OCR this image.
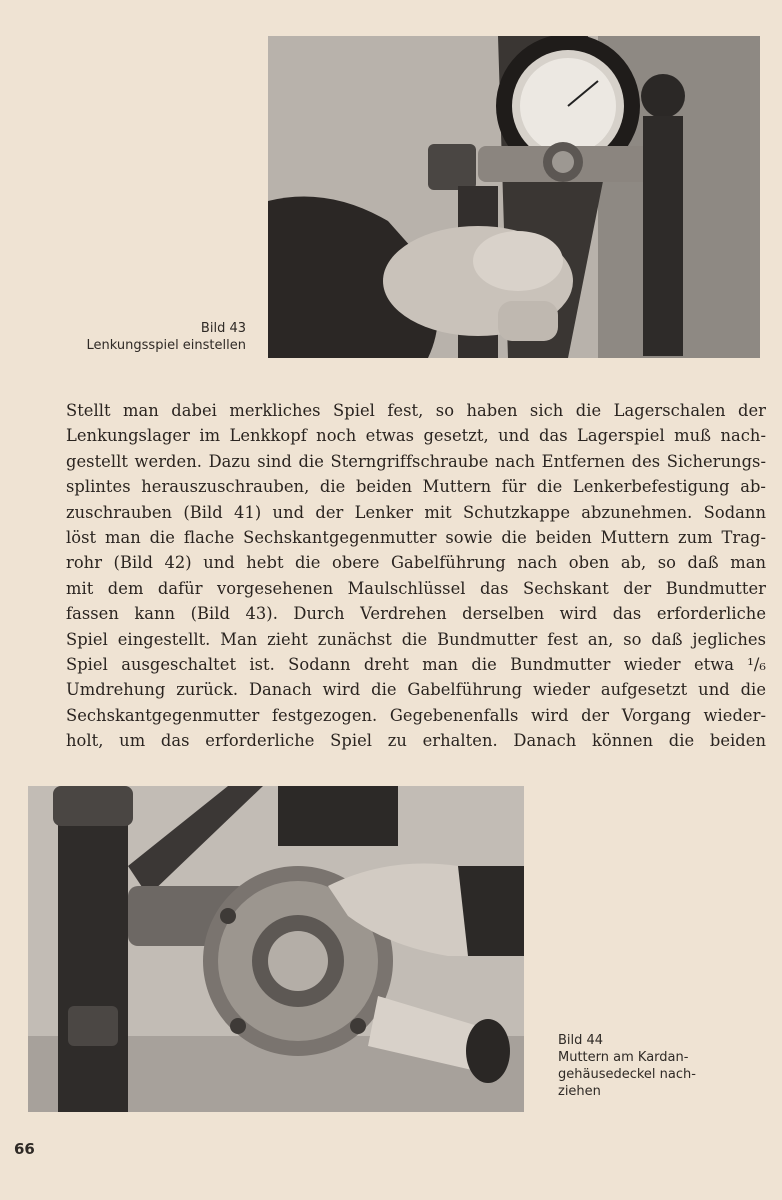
Bild 43
Lenkungsspiel einstellen
Stellt man dabei merkliches Spiel fest, so haben sich die Lagerschalen der
Lenkungslager im Lenkkopf noch etwas gesetzt, und das Lagerspiel muß nach-
gestellt werden. Dazu sind die Sterngriffschraube nach Entfernen des Sicherungs-
splintes herauszuschrauben, die beiden Muttern für die Lenkerbefestigung ab-
zuschrauben (Bild 41) und der Lenker mit Schutzkappe abzunehmen. Sodann
löst man die flache Sechskantgegenmutter sowie die beiden Muttern zum Trag-
rohr (Bild 42) und hebt die obere Gabelführung nach oben ab, so daß man
mit dem dafür vorgesehenen Maulschlüssel das Sechskant der Bundmutter
fassen kann (Bild 43). Durch Verdrehen derselben wird das erforderliche
Spiel eingestellt. Man zieht zunächst die Bundmutter fest an, so daß jegliches
Spiel ausgeschaltet ist. Sodann dreht man die Bundmutter wieder etwa ¹/₆
Umdrehung zurück. Danach wird die Gabelführung wieder aufgesetzt und die
Sechskantgegenmutter festgezogen. Gegebenenfalls wird der Vorgang wieder-
holt, um das erforderliche Spiel zu erhalten. Danach können die beiden
Bild 44
Muttern am Kardan-
gehäusedeckel nach-
ziehen
66
